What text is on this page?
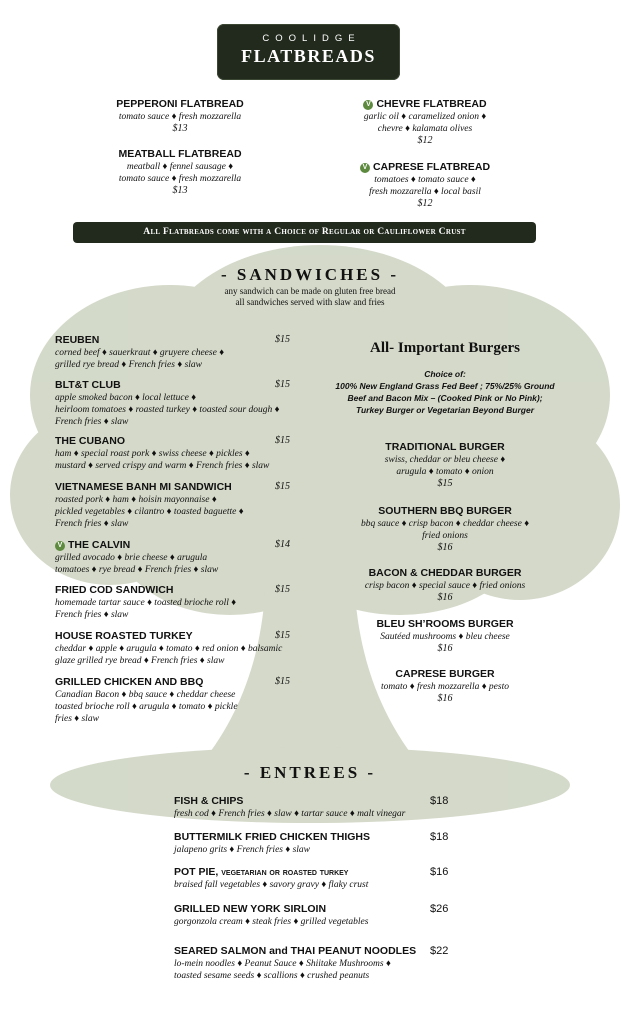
COOLIDGE
FLATBREADS
PEPPERONI FLATBREAD
tomato sauce ♦ fresh mozzarella
$13
MEATBALL FLATBREAD
meatball ♦ fennel sausage ♦
tomato sauce ♦ fresh mozzarella
$13
V CHEVRE FLATBREAD
garlic oil ♦ caramelized onion ♦
chevre ♦ kalamata olives
$12
V CAPRESE FLATBREAD
tomatoes ♦ tomato sauce ♦
fresh mozzarella ♦ local basil
$12
All Flatbreads come with a Choice of Regular or Cauliflower Crust
- SANDWICHES -
any sandwich can be made on gluten free bread
all sandwiches served with slaw and fries
REUBEN
corned beef ♦ sauerkraut ♦ gruyere cheese ♦
grilled rye bread ♦ French fries ♦ slaw
$15
BLT&T CLUB
apple smoked bacon ♦ local lettuce ♦
heirloom tomatoes ♦ roasted turkey ♦ toasted sour dough ♦
French fries ♦ slaw
$15
THE CUBANO
ham ♦ special roast pork ♦ swiss cheese ♦ pickles ♦
mustard ♦ served crispy and warm ♦ French fries ♦ slaw
$15
VIETNAMESE BANH MI SANDWICH
roasted pork ♦ ham ♦ hoisin mayonnaise ♦
pickled vegetables ♦ cilantro ♦ toasted baguette ♦
French fries ♦ slaw
$15
V THE CALVIN
grilled avocado ♦ brie cheese ♦ arugula
tomatoes ♦ rye bread ♦ French fries ♦ slaw
$14
FRIED COD SANDWICH
homemade tartar sauce ♦ toasted brioche roll ♦
French fries ♦ slaw
$15
HOUSE ROASTED TURKEY
cheddar ♦ apple ♦ arugula ♦ tomato ♦ red onion ♦ balsamic
glaze grilled rye bread ♦ French fries ♦ slaw
$15
GRILLED CHICKEN AND BBQ
Canadian Bacon ♦ bbq sauce ♦ cheddar cheese
toasted brioche roll ♦ arugula ♦ tomato ♦ pickle
fries ♦ slaw
$15
All- Important Burgers
Choice of:
100% New England Grass Fed Beef ; 75%/25% Ground
Beef and Bacon Mix – (Cooked Pink or No Pink);
Turkey Burger or Vegetarian Beyond Burger
TRADITIONAL BURGER
swiss, cheddar or bleu cheese ♦
arugula ♦ tomato ♦ onion
$15
SOUTHERN BBQ BURGER
bbq sauce ♦ crisp bacon ♦ cheddar cheese ♦
fried onions
$16
BACON & CHEDDAR BURGER
crisp bacon ♦ special sauce ♦ fried onions
$16
BLEU SH’ROOMS BURGER
Sautéed mushrooms ♦ bleu cheese
$16
CAPRESE BURGER
tomato ♦ fresh mozzarella ♦ pesto
$16
- ENTREES -
FISH & CHIPS
fresh cod ♦ French fries ♦ slaw ♦ tartar sauce ♦ malt vinegar
$18
BUTTERMILK FRIED CHICKEN THIGHS
jalapeno grits ♦ French fries ♦ slaw
$18
POT PIE, vegetarian or roasted turkey
braised fall vegetables ♦ savory gravy ♦ flaky crust
$16
GRILLED NEW YORK SIRLOIN
gorgonzola cream ♦ steak fries ♦ grilled vegetables
$26
SEARED SALMON and THAI PEANUT NOODLES
lo-mein noodles ♦ Peanut Sauce ♦ Shiitake Mushrooms ♦
toasted sesame seeds ♦ scallions ♦ crushed peanuts
$22
